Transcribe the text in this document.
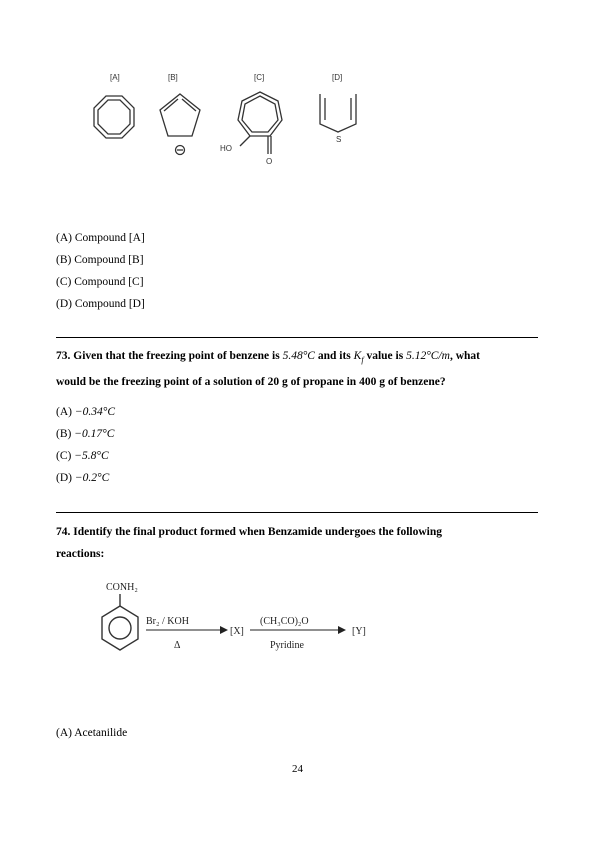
[A]	[B]	[C]	[D]
HO
O
S
(A) Compound [A]
(B) Compound [B]
(C) Compound [C]
(D) Compound [D]
73. Given that the freezing point of benzene is 5.48°C and its $K_f$ value is 5.12°C/m, what
would be the freezing point of a solution of 20 g of propane in 400 g of benzene?
(A) −0.34°C
(B) −0.17°C
(C) −5.8°C
(D) −0.2°C
74. Identify the final product formed when Benzamide undergoes the following
reactions:
CONH₂
Br₂ / KOH
Δ
[X]
(CH₃CO)₂O
Pyridine
[Y]
(A) Acetanilide
24
